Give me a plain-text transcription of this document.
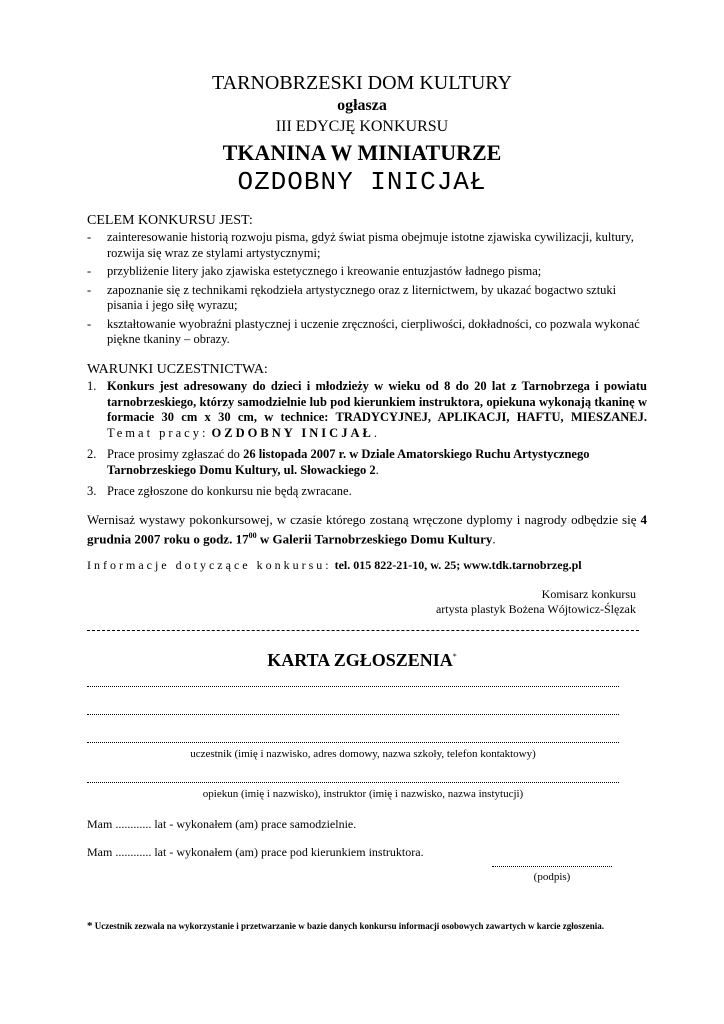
TARNOBRZESKI DOM KULTURY
ogłasza
III EDYCJĘ KONKURSU
TKANINA W MINIATURZE
OZDOBNY INICJAŁ
CELEM KONKURSU JEST:
- zainteresowanie historią rozwoju pisma, gdyż świat pisma obejmuje istotne zjawiska cywilizacji, kultury, rozwija się wraz ze stylami artystycznymi;
- przybliżenie litery jako zjawiska estetycznego i kreowanie entuzjastów ładnego pisma;
- zapoznanie się z technikami rękodzieła artystycznego oraz z liternictwem, by ukazać bogactwo sztuki pisania i jego siłę wyrazu;
- kształtowanie wyobraźni plastycznej i uczenie zręczności, cierpliwości, dokładności, co pozwala wykonać piękne tkaniny – obrazy.
WARUNKI UCZESTNICTWA:
1. Konkurs jest adresowany do dzieci i młodzieży w wieku od 8 do 20 lat z Tarnobrzega i powiatu tarnobrzeskiego, którzy samodzielnie lub pod kierunkiem instruktora, opiekuna wykonają tkaninę w formacie 30 cm x 30 cm, w technice: TRADYCYJNEJ, APLIKACJI, HAFTU, MIESZANEJ. Temat pracy: OZDOBNY INICJAŁ.
2. Prace prosimy zgłaszać do 26 listopada 2007 r. w Dziale Amatorskiego Ruchu Artystycznego Tarnobrzeskiego Domu Kultury, ul. Słowackiego 2.
3. Prace zgłoszone do konkursu nie będą zwracane.
Wernisaż wystawy pokonkursowej, w czasie którego zostaną wręczone dyplomy i nagrody odbędzie się 4 grudnia 2007 roku o godz. $17^{00}$ w Galerii Tarnobrzeskiego Domu Kultury.
Informacje dotyczące konkursu: tel. 015 822-21-10, w. 25; www.tdk.tarnobrzeg.pl
Komisarz konkursu
artysta plastyk Bożena Wójtowicz-Ślęzak
KARTA ZGŁOSZENIA*
uczestnik (imię i nazwisko, adres domowy, nazwa szkoły, telefon kontaktowy)
opiekun (imię i nazwisko), instruktor (imię i nazwisko, nazwa instytucji)
Mam ............ lat - wykonałem (am) prace samodzielnie.
Mam ............ lat - wykonałem (am) prace pod kierunkiem instruktora.
(podpis)
* Uczestnik zezwala na wykorzystanie i przetwarzanie w bazie danych konkursu informacji osobowych zawartych w karcie zgłoszenia.
